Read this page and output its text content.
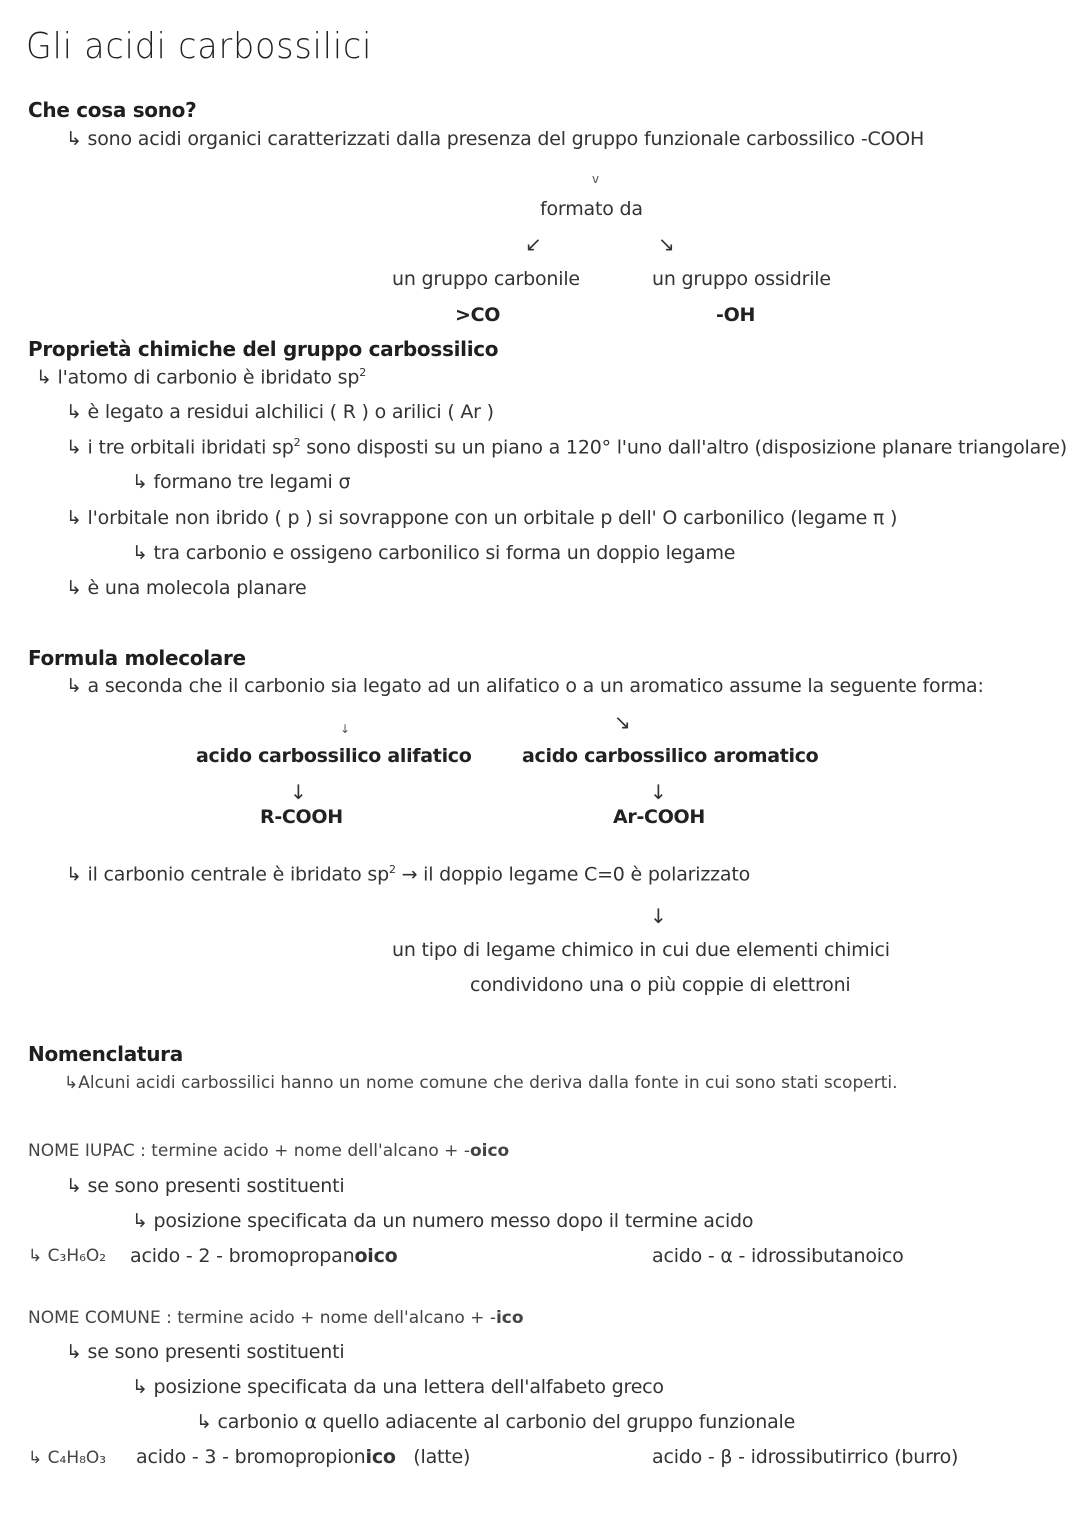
Gli acidi carbossilici
Che cosa sono?
↳ sono acidi organici caratterizzati dalla presenza del gruppo funzionale carbossilico -COOH
v
formato da
↙	↘
un gruppo carbonile	un gruppo ossidrile
>CO	-OH
Proprietà chimiche del gruppo carbossilico
↳ l'atomo di carbonio è ibridato $sp^2$
↳ è legato a residui alchilici ( R ) o arilici ( Ar )
↳ i tre orbitali ibridati $sp^2$ sono disposti su un piano a 120° l'uno dall'altro (disposizione planare triangolare)
↳ formano tre legami σ
↳ l'orbitale non ibrido ( p ) si sovrappone con un orbitale p dell' O carbonilico (legame π )
↳ tra carbonio e ossigeno carbonilico si forma un doppio legame
↳ è una molecola planare
Formula molecolare
↳ a seconda che il carbonio sia legato ad un alifatico o a un aromatico assume la seguente forma:
↓	↘
acido carbossilico alifatico	acido carbossilico aromatico
↓	↓
R-COOH	Ar-COOH
↳ il carbonio centrale è ibridato $sp^2$ → il doppio legame C=0 è polarizzato
↓
un tipo di legame chimico in cui due elementi chimici
condividono una o più coppie di elettroni
Nomenclatura
↳Alcuni acidi carbossilici hanno un nome comune che deriva dalla fonte in cui sono stati scoperti.
NOME IUPAC : termine acido + nome dell'alcano + -oico
↳ se sono presenti sostituenti
↳ posizione specificata da un numero messo dopo il termine acido
↳ C₃H₆O₂ acido - 2 - bromopropanoico	acido - α - idrossibutanoico
NOME COMUNE : termine acido + nome dell'alcano + -ico
↳ se sono presenti sostituenti
↳ posizione specificata da una lettera dell'alfabeto greco
↳ carbonio α quello adiacente al carbonio del gruppo funzionale
↳ C₄H₈O₃ acido - 3 - bromopropionico (latte)	acido - β - idrossibutirrico (burro)
